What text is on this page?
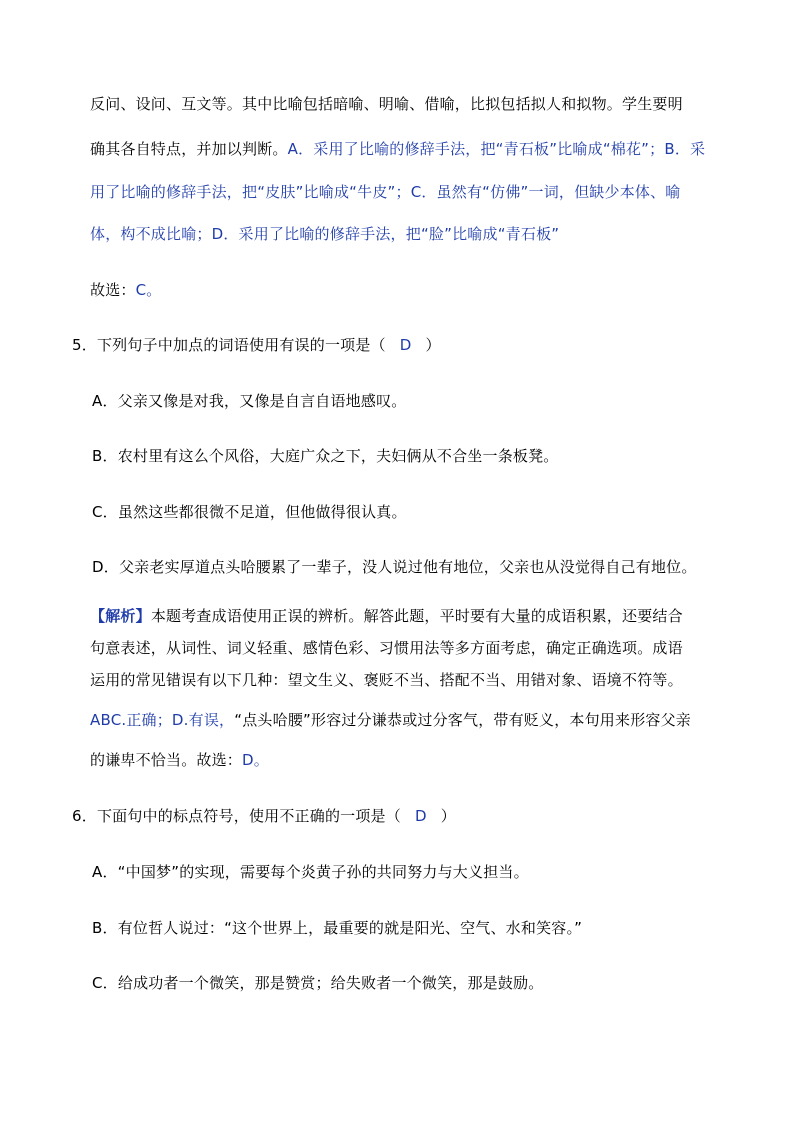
反问、设问、互文等。其中比喻包括暗喻、明喻、借喻，比拟包括拟人和拟物。学生要明
确其各自特点，并加以判断。A．采用了比喻的修辞手法，把“青石板”比喻成“棉花”；B．采
用了比喻的修辞手法，把“皮肤”比喻成“牛皮”；C．虽然有“仿佛”一词，但缺少本体、喻
体，构不成比喻；D．采用了比喻的修辞手法，把“脸”比喻成“青石板”
故选：C。
5．下列句子中加点的词语使用有误的一项是（ D ）
A．父亲又像是对我，又像是自言自语地感叹。
B．农村里有这么个风俗，大庭广众之下，夫妇俩从不合坐一条板凳。
C．虽然这些都很微不足道，但他做得很认真。
D．父亲老实厚道点头哈腰累了一辈子，没人说过他有地位，父亲也从没觉得自己有地位。
【解析】本题考查成语使用正误的辨析。解答此题，平时要有大量的成语积累，还要结合
句意表述，从词性、词义轻重、感情色彩、习惯用法等多方面考虑，确定正确选项。成语
运用的常见错误有以下几种：望文生义、褒贬不当、搭配不当、用错对象、语境不符等。
ABC.正确；D.有误，“点头哈腰”形容过分谦恭或过分客气，带有贬义，本句用来形容父亲
的谦卑不恰当。故选：D。
6．下面句中的标点符号，使用不正确的一项是（ D ）
A．“中国梦”的实现，需要每个炎黄子孙的共同努力与大义担当。
B．有位哲人说过：“这个世界上，最重要的就是阳光、空气、水和笑容。”
C．给成功者一个微笑，那是赞赏；给失败者一个微笑，那是鼓励。
